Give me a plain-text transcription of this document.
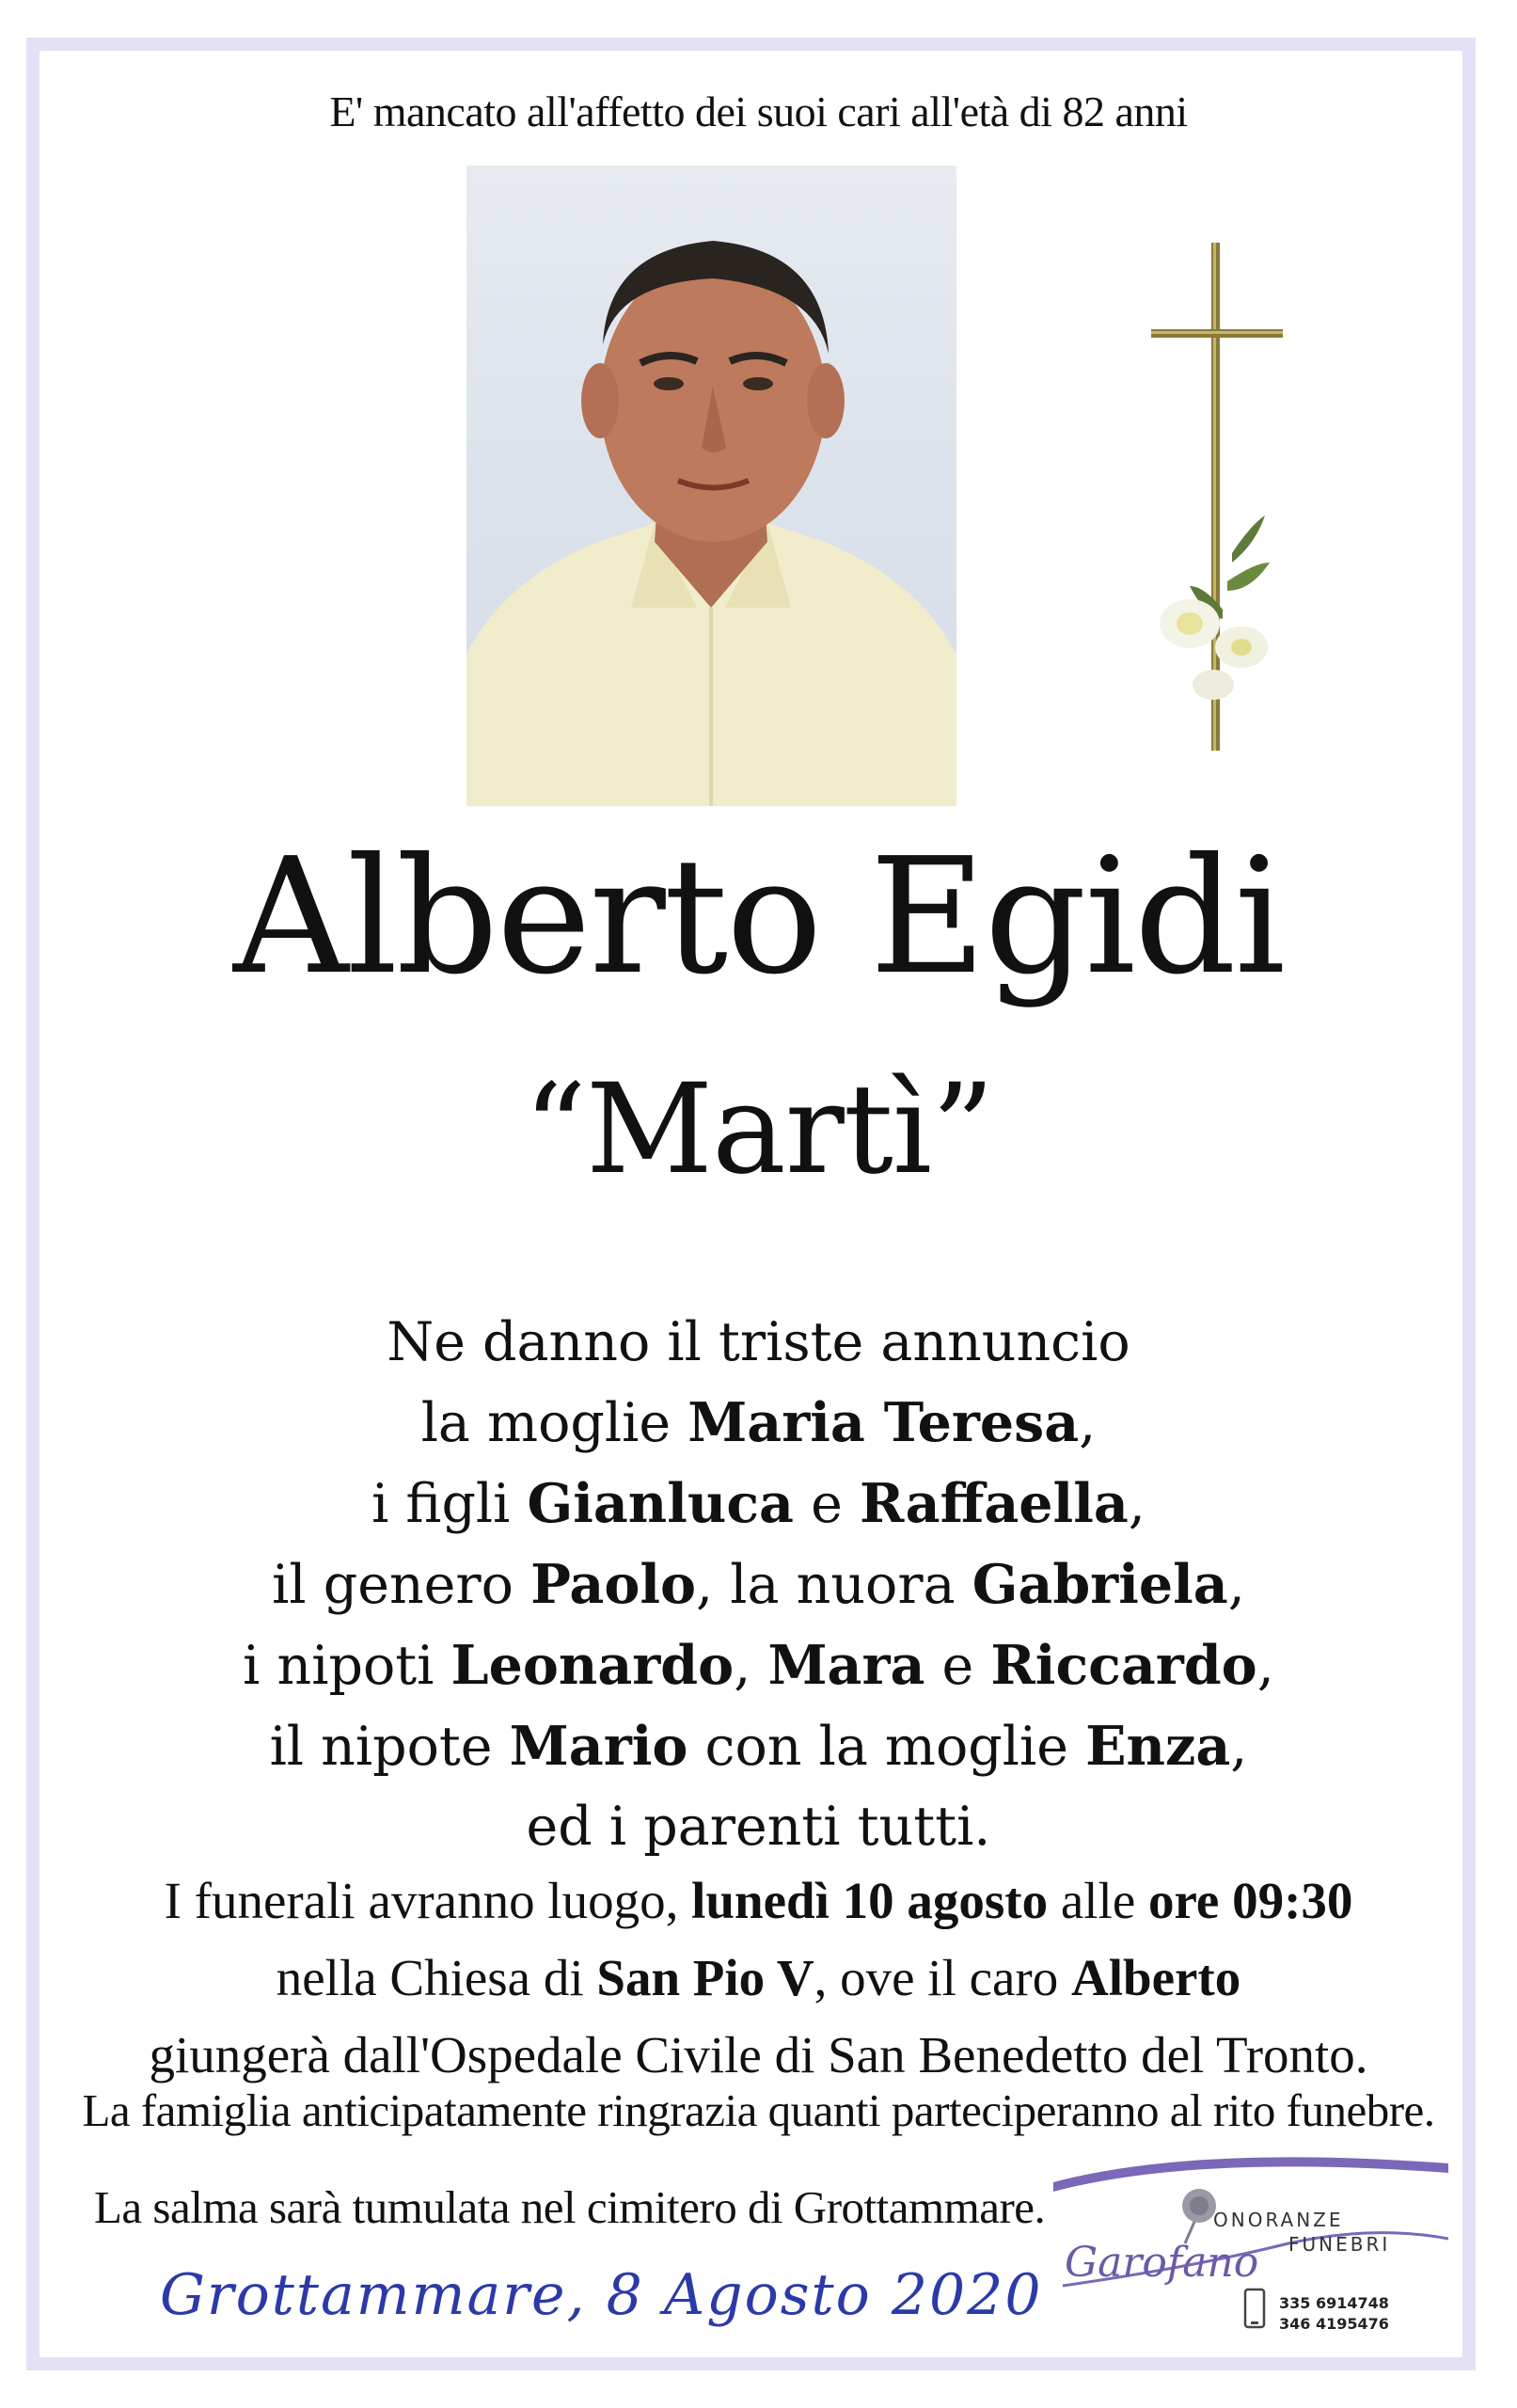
E' mancato all'affetto dei suoi cari all'età di 82 anni
Alberto Egidi
“Martì”
Ne danno il triste annuncio
la moglie Maria Teresa,
i figli Gianluca e Raffaella,
il genero Paolo, la nuora Gabriela,
i nipoti Leonardo, Mara e Riccardo,
il nipote Mario con la moglie Enza,
ed i parenti tutti.
I funerali avranno luogo, lunedì 10 agosto alle ore 09:30
nella Chiesa di San Pio V, ove il caro Alberto
giungerà dall'Ospedale Civile di San Benedetto del Tronto.
La famiglia anticipatamente ringrazia quanti parteciperanno al rito funebre.
La salma sarà tumulata nel cimitero di Grottammare.
Grottammare, 8 Agosto 2020
ONORANZE
FUNEBRI
Garofano
335 6914748
346 4195476
